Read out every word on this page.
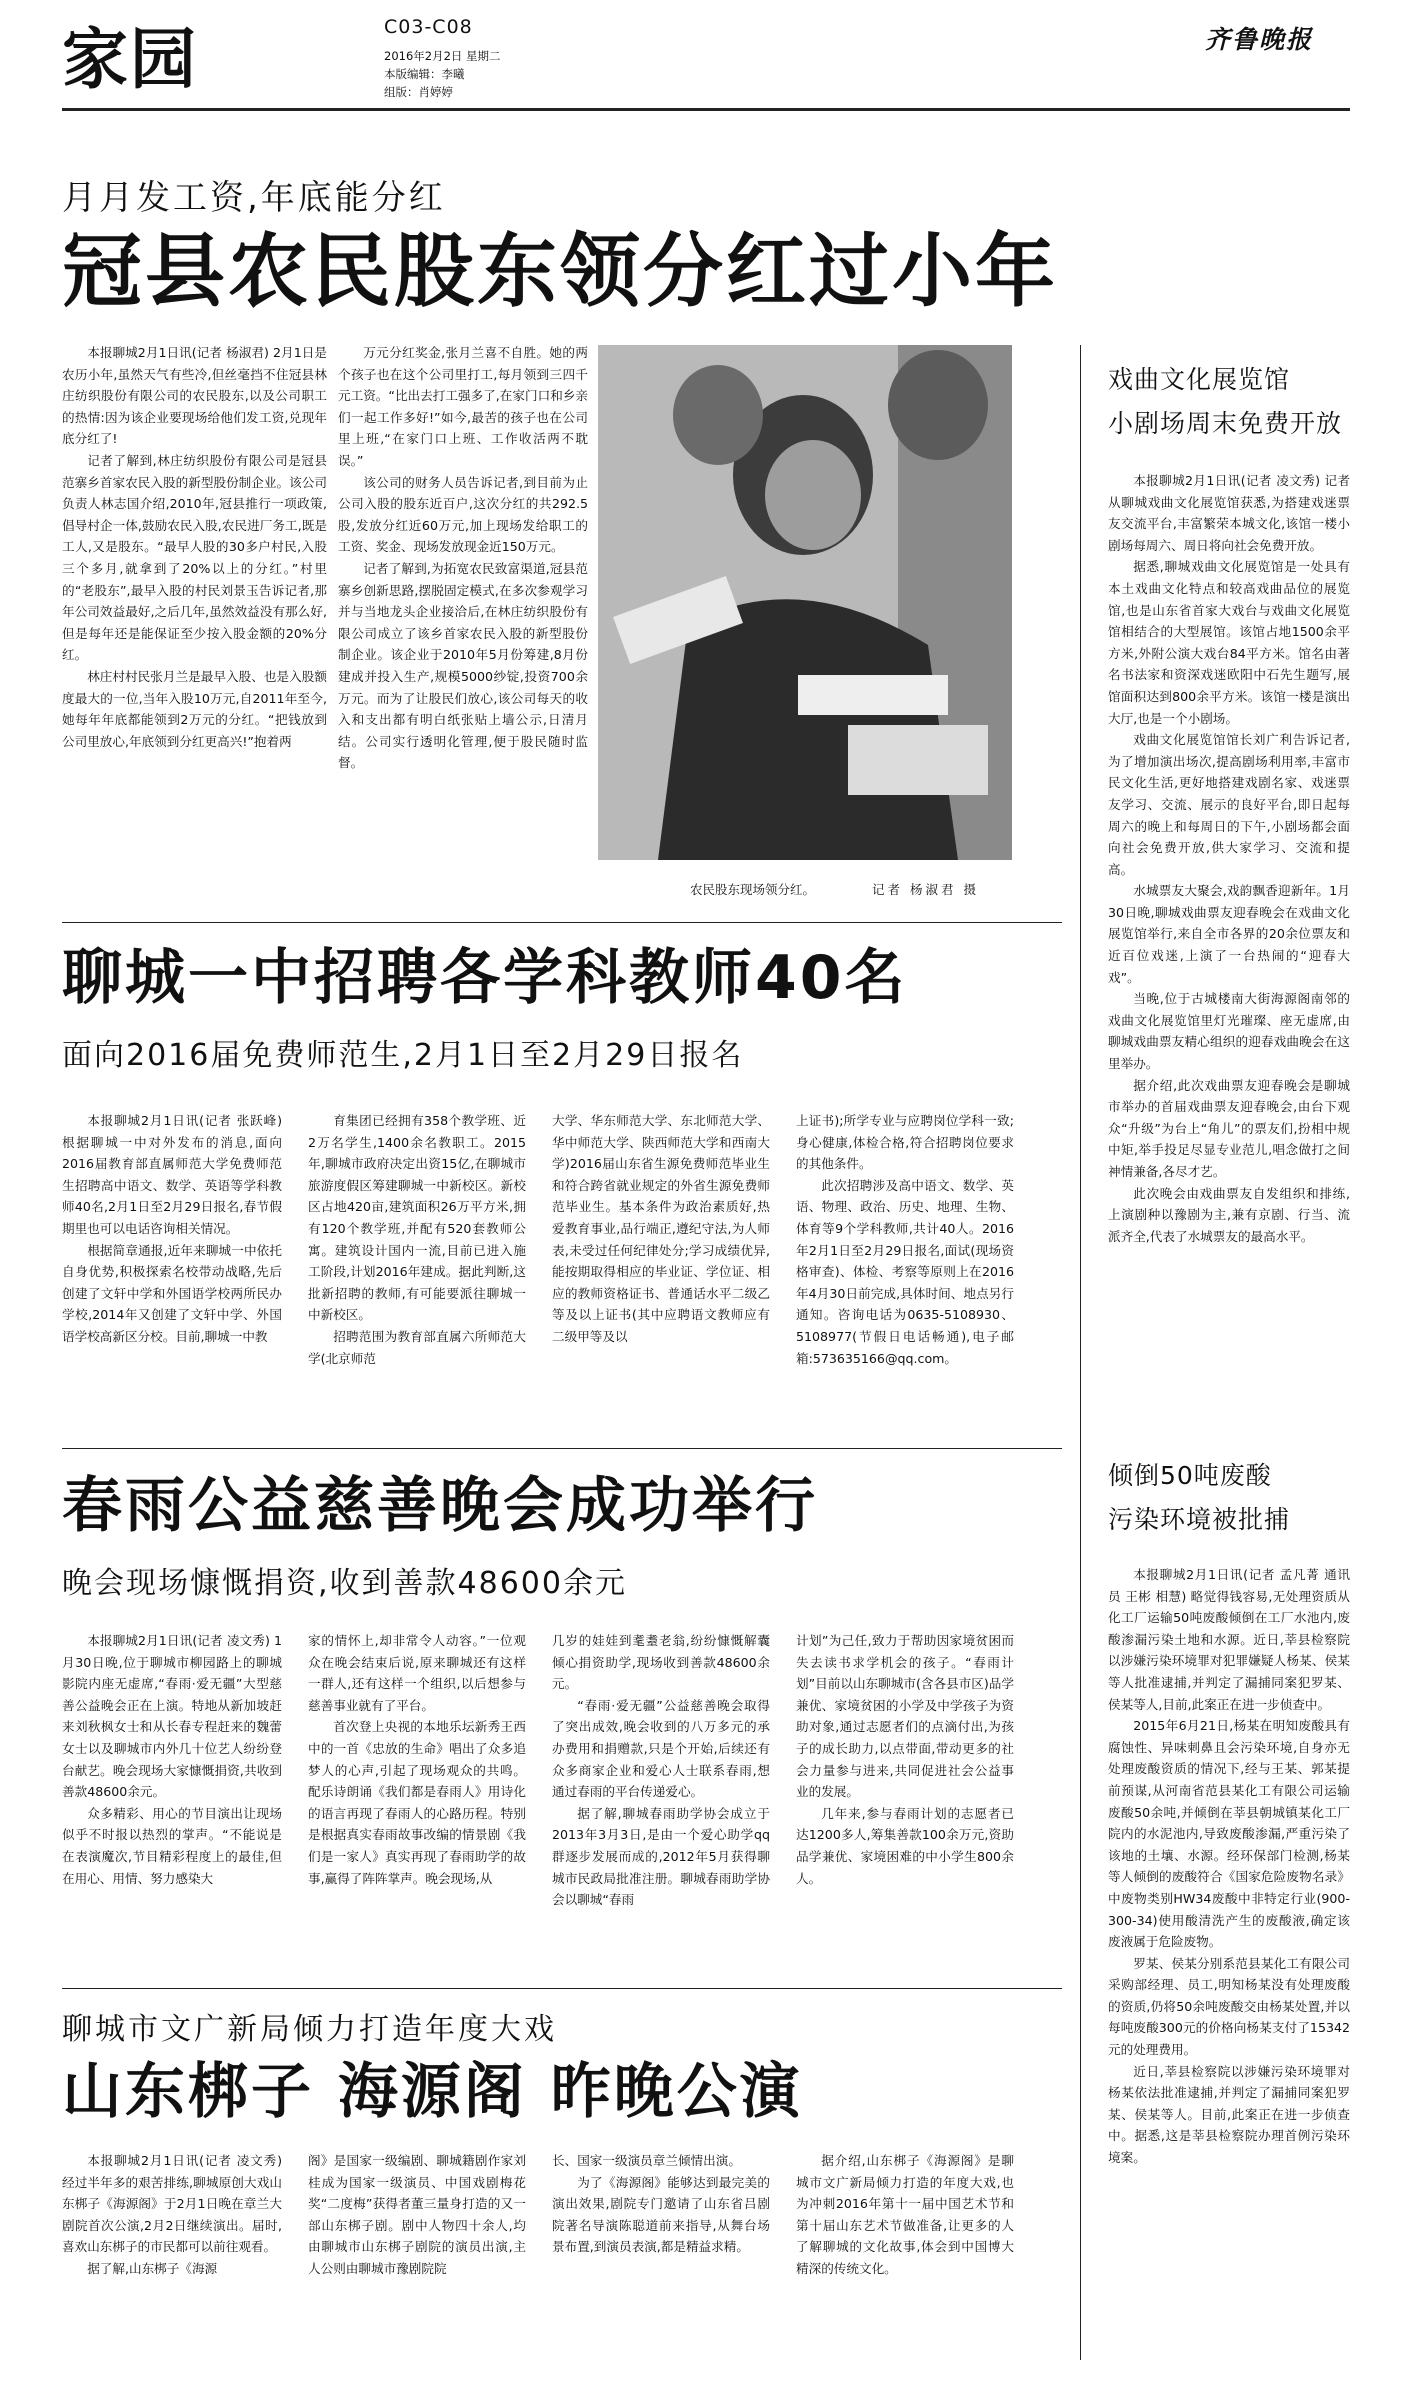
家园	C03-C08
2016年2月2日 星期二
本版编辑：李曦
组版：肖婷婷
齐鲁晚报
月月发工资,年底能分红
冠县农民股东领分红过小年

本报聊城2月1日讯(记者 杨淑君) 2月1日是农历小年,虽然天气有些冷,但丝毫挡不住冠县林庄纺织股份有限公司的农民股东,以及公司职工的热情:因为该企业要现场给他们发工资,兑现年底分红了!

记者了解到,林庄纺织股份有限公司是冠县范寨乡首家农民入股的新型股份制企业。该公司负责人林志国介绍,2010年,冠县推行一项政策,倡导村企一体,鼓励农民入股,农民进厂务工,既是工人,又是股东。“最早人股的30多户村民,入股三个多月,就拿到了20%以上的分红。”村里的“老股东”,最早入股的村民刘景玉告诉记者,那年公司效益最好,之后几年,虽然效益没有那么好,但是每年还是能保证至少按入股金额的20%分红。

林庄村村民张月兰是最早入股、也是入股额度最大的一位,当年入股10万元,自2011年至今,她每年年底都能领到2万元的分红。“把钱放到公司里放心,年底领到分红更高兴!”抱着两

万元分红奖金,张月兰喜不自胜。她的两个孩子也在这个公司里打工,每月领到三四千元工资。“比出去打工强多了,在家门口和乡亲们一起工作多好!”如今,最苦的孩子也在公司里上班,“在家门口上班、工作收活两不耽误。”

该公司的财务人员告诉记者,到目前为止公司入股的股东近百户,这次分红的共292.5股,发放分红近60万元,加上现场发给职工的工资、奖金、现场发放现金近150万元。

记者了解到,为拓宽农民致富渠道,冠县范寨乡创新思路,摆脱固定模式,在多次参观学习并与当地龙头企业接洽后,在林庄纺织股份有限公司成立了该乡首家农民入股的新型股份制企业。该企业于2010年5月份筹建,8月份建成并投入生产,规模5000纱锭,投资700余万元。而为了让股民们放心,该公司每天的收入和支出都有明白纸张贴上墙公示,日清月结。公司实行透明化管理,便于股民随时监督。

农民股东现场领分红。	记者 杨淑君 摄
聊城一中招聘各学科教师40名
面向2016届免费师范生,2月1日至2月29日报名

本报聊城2月1日讯(记者 张跃峰) 根据聊城一中对外发布的消息,面向2016届教育部直属师范大学免费师范生招聘高中语文、数学、英语等学科教师40名,2月1日至2月29日报名,春节假期里也可以电话咨询相关情况。

根据简章通报,近年来聊城一中依托自身优势,积极探索名校带动战略,先后创建了文轩中学和外国语学校两所民办学校,2014年又创建了文轩中学、外国语学校高新区分校。目前,聊城一中教

育集团已经拥有358个教学班、近2万名学生,1400余名教职工。2015年,聊城市政府决定出资15亿,在聊城市旅游度假区筹建聊城一中新校区。新校区占地420亩,建筑面积26万平方米,拥有120个教学班,并配有520套教师公寓。建筑设计国内一流,目前已进入施工阶段,计划2016年建成。据此判断,这批新招聘的教师,有可能要派往聊城一中新校区。

招聘范围为教育部直属六所师范大学(北京师范

大学、华东师范大学、东北师范大学、华中师范大学、陕西师范大学和西南大学)2016届山东省生源免费师范毕业生和符合跨省就业规定的外省生源免费师范毕业生。基本条件为政治素质好,热爱教育事业,品行端正,遵纪守法,为人师表,未受过任何纪律处分;学习成绩优异,能按期取得相应的毕业证、学位证、相应的教师资格证书、普通话水平二级乙等及以上证书(其中应聘语文教师应有二级甲等及以

上证书);所学专业与应聘岗位学科一致;身心健康,体检合格,符合招聘岗位要求的其他条件。

此次招聘涉及高中语文、数学、英语、物理、政治、历史、地理、生物、体育等9个学科教师,共计40人。2016年2月1日至2月29日报名,面试(现场资格审查)、体检、考察等原则上在2016年4月30日前完成,具体时间、地点另行通知。咨询电话为0635-5108930、5108977(节假日电话畅通),电子邮箱:573635166@qq.com。

春雨公益慈善晚会成功举行
晚会现场慷慨捐资,收到善款48600余元

本报聊城2月1日讯(记者 凌文秀) 1月30日晚,位于聊城市柳园路上的聊城影院内座无虚席,“春雨·爱无疆”大型慈善公益晚会正在上演。特地从新加坡赶来刘秋枫女士和从长春专程赶来的魏蕾女士以及聊城市内外几十位艺人纷纷登台献艺。晚会现场大家慷慨捐资,共收到善款48600余元。

众多精彩、用心的节目演出让现场似乎不时报以热烈的掌声。“不能说是在表演魔次,节目精彩程度上的最佳,但在用心、用情、努力感染大

家的情怀上,却非常令人动容。”一位观众在晚会结束后说,原来聊城还有这样一群人,还有这样一个组织,以后想参与慈善事业就有了平台。

首次登上央视的本地乐坛新秀王西中的一首《忠放的生命》唱出了众多追梦人的心声,引起了现场观众的共鸣。配乐诗朗诵《我们都是春雨人》用诗化的语言再现了春雨人的心路历程。特别是根据真实春雨故事改编的情景剧《我们是一家人》真实再现了春雨助学的故事,赢得了阵阵掌声。晚会现场,从

几岁的娃娃到耄耋老翁,纷纷慷慨解囊倾心捐资助学,现场收到善款48600余元。

“春雨·爱无疆”公益慈善晚会取得了突出成效,晚会收到的八万多元的承办费用和捐赠款,只是个开始,后续还有众多商家企业和爱心人士联系春雨,想通过春雨的平台传递爱心。

据了解,聊城春雨助学协会成立于2013年3月3日,是由一个爱心助学qq群逐步发展而成的,2012年5月获得聊城市民政局批准注册。聊城春雨助学协会以聊城“春雨

计划”为己任,致力于帮助因家境贫困而失去读书求学机会的孩子。“春雨计划”目前以山东聊城市(含各县市区)品学兼优、家境贫困的小学及中学孩子为资助对象,通过志愿者们的点滴付出,为孩子的成长助力,以点带面,带动更多的社会力量参与进来,共同促进社会公益事业的发展。

几年来,参与春雨计划的志愿者已达1200多人,筹集善款100余万元,资助品学兼优、家境困难的中小学生800余人。

聊城市文广新局倾力打造年度大戏
山东梆子 海源阁 昨晚公演

本报聊城2月1日讯(记者 凌文秀) 经过半年多的艰苦排练,聊城原创大戏山东梆子《海源阁》于2月1日晚在章兰大剧院首次公演,2月2日继续演出。届时,喜欢山东梆子的市民都可以前往观看。

据了解,山东梆子《海源

阁》是国家一级编剧、聊城籍剧作家刘桂成为国家一级演员、中国戏剧梅花奖“二度梅”获得者董三量身打造的又一部山东梆子剧。剧中人物四十余人,均由聊城市山东梆子剧院的演员出演,主人公则由聊城市豫剧院院

长、国家一级演员章兰倾情出演。

为了《海源阁》能够达到最完美的演出效果,剧院专门邀请了山东省吕剧院著名导演陈聪道前来指导,从舞台场景布置,到演员表演,都是精益求精。

据介绍,山东梆子《海源阁》是聊城市文广新局倾力打造的年度大戏,也为冲刺2016年第十一届中国艺术节和第十届山东艺术节做准备,让更多的人了解聊城的文化故事,体会到中国博大精深的传统文化。

戏曲文化展览馆
小剧场周末免费开放

本报聊城2月1日讯(记者 凌文秀) 记者从聊城戏曲文化展览馆获悉,为搭建戏迷票友交流平台,丰富繁荣本城文化,该馆一楼小剧场每周六、周日将向社会免费开放。

据悉,聊城戏曲文化展览馆是一处具有本土戏曲文化特点和较高戏曲品位的展览馆,也是山东省首家大戏台与戏曲文化展览馆相结合的大型展馆。该馆占地1500余平方米,外附公演大戏台84平方米。馆名由著名书法家和资深戏迷欧阳中石先生题写,展馆面积达到800余平方米。该馆一楼是演出大厅,也是一个小剧场。

戏曲文化展览馆馆长刘广利告诉记者,为了增加演出场次,提高剧场利用率,丰富市民文化生活,更好地搭建戏剧名家、戏迷票友学习、交流、展示的良好平台,即日起每周六的晚上和每周日的下午,小剧场都会面向社会免费开放,供大家学习、交流和提高。

水城票友大聚会,戏韵飘香迎新年。1月30日晚,聊城戏曲票友迎春晚会在戏曲文化展览馆举行,来自全市各界的20余位票友和近百位戏迷,上演了一台热闹的“迎春大戏”。

当晚,位于古城楼南大街海源阁南邻的戏曲文化展览馆里灯光璀璨、座无虚席,由聊城戏曲票友精心组织的迎春戏曲晚会在这里举办。

据介绍,此次戏曲票友迎春晚会是聊城市举办的首届戏曲票友迎春晚会,由台下观众“升级”为台上“角儿”的票友们,扮相中规中矩,举手投足尽显专业范儿,唱念做打之间神情兼备,各尽才艺。

此次晚会由戏曲票友自发组织和排练,上演剧种以豫剧为主,兼有京剧、行当、流派齐全,代表了水城票友的最高水平。

倾倒50吨废酸
污染环境被批捕

本报聊城2月1日讯(记者 孟凡菁 通讯员 王彬 相慧) 略觉得钱容易,无处理资质从化工厂运输50吨废酸倾倒在工厂水池内,废酸渗漏污染土地和水源。近日,莘县检察院以涉嫌污染环境罪对犯罪嫌疑人杨某、侯某等人批准逮捕,并判定了漏捕同案犯罗某、侯某等人,目前,此案正在进一步侦查中。

2015年6月21日,杨某在明知废酸具有腐蚀性、异味刺鼻且会污染环境,自身亦无处理废酸资质的情况下,经与王某、郭某提前预谋,从河南省范县某化工有限公司运输废酸50余吨,并倾倒在莘县朝城镇某化工厂院内的水泥池内,导致废酸渗漏,严重污染了该地的土壤、水源。经环保部门检测,杨某等人倾倒的废酸符合《国家危险废物名录》中废物类别HW34废酸中非特定行业(900-300-34)使用酸清洗产生的废酸液,确定该废液属于危险废物。

罗某、侯某分别系范县某化工有限公司采购部经理、员工,明知杨某没有处理废酸的资质,仍将50余吨废酸交由杨某处置,并以每吨废酸300元的价格向杨某支付了15342元的处理费用。

近日,莘县检察院以涉嫌污染环境罪对杨某依法批准逮捕,并判定了漏捕同案犯罗某、侯某等人。目前,此案正在进一步侦查中。据悉,这是莘县检察院办理首例污染环境案。
